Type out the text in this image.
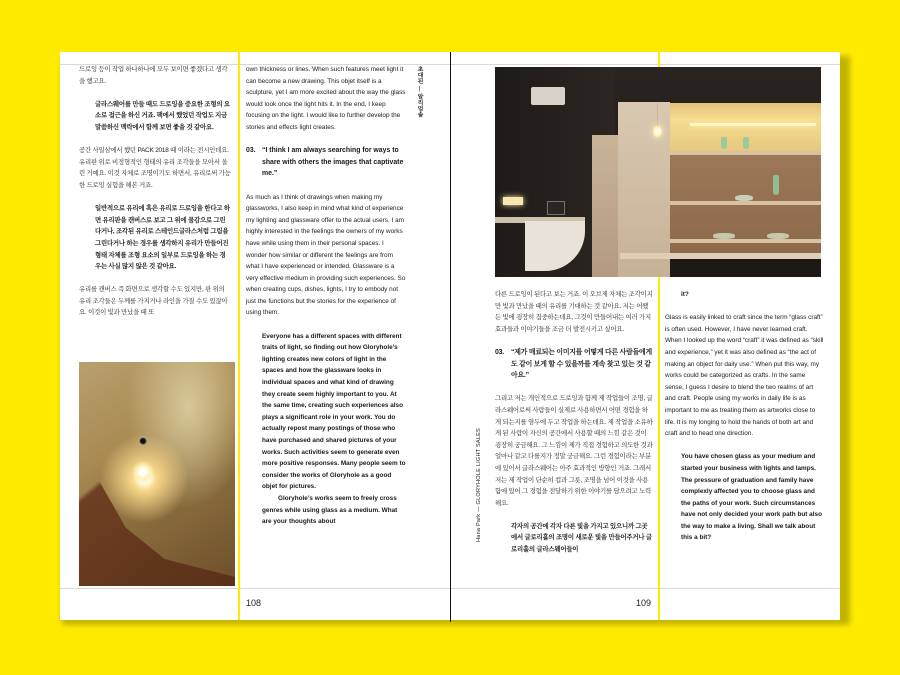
드로잉 등이 작업 하나하나에 모두 보이면 좋겠다고 생각을 했고요.

글라스웨어를 만들 때도 드로잉을 중요한 조형의 요소로 접근을 하신 거죠. 팩에서 했었던 작업도 지금 말씀하신 맥락에서 함께 보면 좋을 것 같아요.

공간 사일삼에서 했던 PACK 2018 때 이라는 전시인데요. 유리판 위로 비정형적인 형태의 유리 조각들을 모아서 올린 거예요. 이것 자체로 조명이기도 하면서, 유리로써 가능한 드로잉 실험을 해본 거죠.

일반적으로 유리에 혹은 유리로 드로잉을 한다고 하면 유리판을 캔버스로 보고 그 위에 물감으로 그린다거나, 조각된 유리로 스테인드글라스처럼 그림을 그린다거나 하는 경우를 생각하지 유리가 만들어진 형태 자체를 조형 요소의 일부로 드로잉을 하는 경우는 사실 많지 않은 것 같아요.

유리를 캔버스 즉 화면으로 생각할 수도 있지만, 판 위의 유리 조각들은 두께를 가지거나 라인을 가질 수도 있잖아요. 이것이 빛과 만났을 때 또

own thickness or lines. When such features meet light it can become a new drawing. This objet itself is a sculpture, yet I am more excited about the way the glass would look once the light hits it. In the end, I keep focusing on the light. I would like to further develop the stories and effects light creates.

03. “I think I am always searching for ways to share with others the images that captivate me.”

As much as I think of drawings when making my glassworks, I also keep in mind what kind of experience my lighting and glassware offer to the actual users. I am highly interested in the feelings the owners of my works have while using them in their personal spaces. I wonder how similar or different the feelings are from what I have experienced or intended. Glassware is a very effective medium in providing such experiences. So when creating cups, dishes, lights, I try to embody not just the functions but the stories for the experience of using them.

Everyone has a different spaces with different traits of light, so finding out how Gloryhole’s lighting creates new colors of light in the spaces and how the glassware looks in individual spaces and what kind of drawing they create seem highly important to you. At the same time, creating such experiences also plays a significant role in your work. You do actually repost many postings of those who have purchased and shared pictures of your works. Such activities seem to generate even more positive responses. Many people seem to consider the works of Gloryhole as a good objet for pictures.

Gloryhole’s works seem to freely cross genres while using glass as a medium. What are your thoughts about

초대된 — 알리엄솔
108

다른 드로잉이 된다고 보는 거죠. 이 오브제 자체는 조각이지만 빛과 만났을 때의 유리를 기대하는 것 같아요. 저는 어쨌든 빛에 굉장히 집중하는데요, 그것이 만들어내는 여러 가지 효과들과 이야기들을 조금 더 발전시키고 싶어요.

03. “제가 매료되는 이미지를 어떻게 다른 사람들에게도 같이 보게 할 수 있을까를 계속 찾고 있는 것 같아요.”

그리고 저는 개인적으로 드로잉과 함께 제 작업들이 조명, 글라스웨어로써 사람들이 실제로 사용하면서 어떤 경험을 하게 되는지를 염두에 두고 작업을 하는데요. 제 작업을 소유하게 된 사람이 자신의 공간에서 사용할 때의 느낌 같은 것이 굉장히 궁금해요. 그 느낌이 제가 직접 경험하고 의도한 것과 얼마나 같고 다를지가 정말 궁금해요. 그런 경험이라는 부분에 있어서 글라스웨어는 아주 효과적인 방향인 거죠. 그래서 저는 제 작업이 단순히 컵과 그릇, 조명을 넘어 이것을 사용함에 있어 그 경험을 전달하기 위한 이야기를 담으려고 노력해요.

각자의 공간에 각자 다른 빛을 가지고 있으니까 그곳에서 글로리홀의 조명이 새로운 빛을 만들어주거나 글로리홀의 글라스웨어들이

it?

Glass is easily linked to craft since the term “glass craft” is often used. However, I have never learned craft. When I looked up the word “craft” it was defined as “skill and experience,” yet it was also defined as “the act of making an object for daily use.” When put this way, my works could be categorized as crafts. In the same sense, I guess I desire to blend the two realms of art and craft. People using my works in daily life is as important to me as treating them as artworks close to life. It is my longing to hold the hands of both art and craft and to head one direction.

You have chosen glass as your medium and started your business with lights and lamps. The pressure of graduation and family have complexly affected you to choose glass and the paths of your work. Such circumstances have not only decided your work path but also the way to make a living. Shall we talk about this a bit?

Hana Park — GLORYHOLE LIGHT SALES
109
